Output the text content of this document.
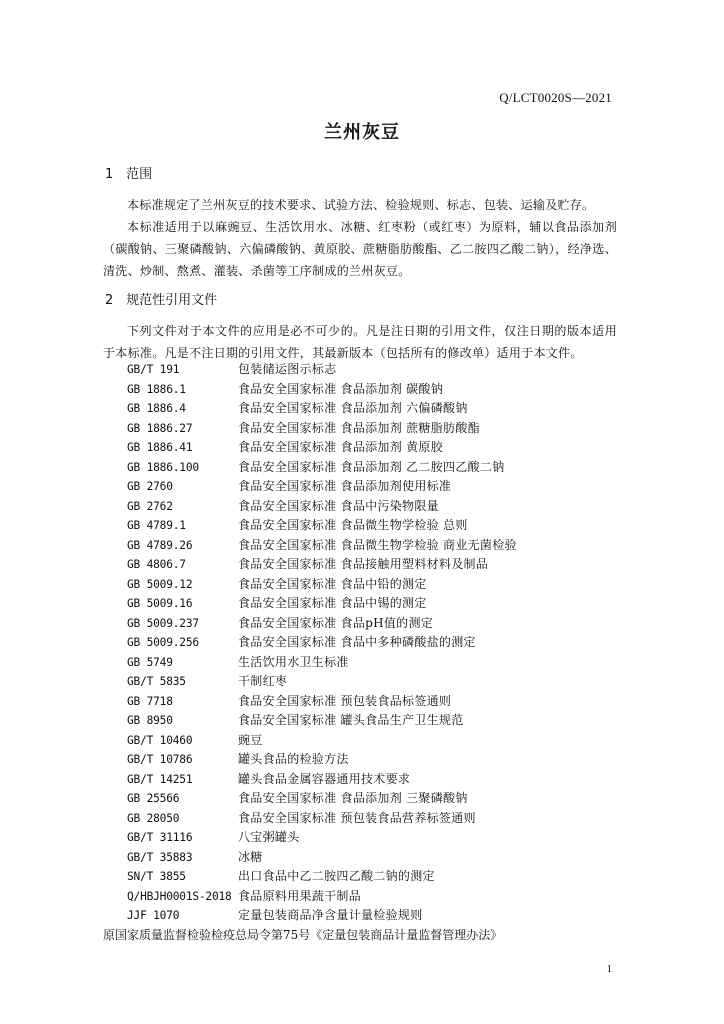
Q/LCT0020S—2021
兰州灰豆
1 范围

本标准规定了兰州灰豆的技术要求、试验方法、检验规则、标志、包装、运输及贮存。

本标准适用于以麻豌豆、生活饮用水、冰糖、红枣粉（或红枣）为原料，辅以食品添加剂（碳酸钠、三聚磷酸钠、六偏磷酸钠、黄原胶、蔗糖脂肪酸酯、乙二胺四乙酸二钠），经净选、清洗、炒制、熬煮、灌装、杀菌等工序制成的兰州灰豆。

2 规范性引用文件

下列文件对于本文件的应用是必不可少的。凡是注日期的引用文件，仅注日期的版本适用于本标准。凡是不注日期的引用文件，其最新版本（包括所有的修改单）适用于本文件。

GB/T 191	包装储运图示标志
GB 1886.1	食品安全国家标准 食品添加剂 碳酸钠
GB 1886.4	食品安全国家标准 食品添加剂 六偏磷酸钠
GB 1886.27	食品安全国家标准 食品添加剂 蔗糖脂肪酸酯
GB 1886.41	食品安全国家标准 食品添加剂 黄原胶
GB 1886.100	食品安全国家标准 食品添加剂 乙二胺四乙酸二钠
GB 2760	食品安全国家标准 食品添加剂使用标准
GB 2762	食品安全国家标准 食品中污染物限量
GB 4789.1	食品安全国家标准 食品微生物学检验 总则
GB 4789.26	食品安全国家标准 食品微生物学检验 商业无菌检验
GB 4806.7	食品安全国家标准 食品接触用塑料材料及制品
GB 5009.12	食品安全国家标准 食品中铅的测定
GB 5009.16	食品安全国家标准 食品中锡的测定
GB 5009.237	食品安全国家标准 食品pH值的测定
GB 5009.256	食品安全国家标准 食品中多种磷酸盐的测定
GB 5749	生活饮用水卫生标准
GB/T 5835	干制红枣
GB 7718	食品安全国家标准 预包装食品标签通则
GB 8950	食品安全国家标准 罐头食品生产卫生规范
GB/T 10460	豌豆
GB/T 10786	罐头食品的检验方法
GB/T 14251	罐头食品金属容器通用技术要求
GB 25566	食品安全国家标准 食品添加剂 三聚磷酸钠
GB 28050	食品安全国家标准 预包装食品营养标签通则
GB/T 31116	八宝粥罐头
GB/T 35883	冰糖
SN/T 3855	出口食品中乙二胺四乙酸二钠的测定
Q/HBJH0001S-2018 食品原料用果蔬干制品
JJF 1070	定量包装商品净含量计量检验规则
原国家质量监督检验检疫总局令第75号《定量包装商品计量监督管理办法》
1
